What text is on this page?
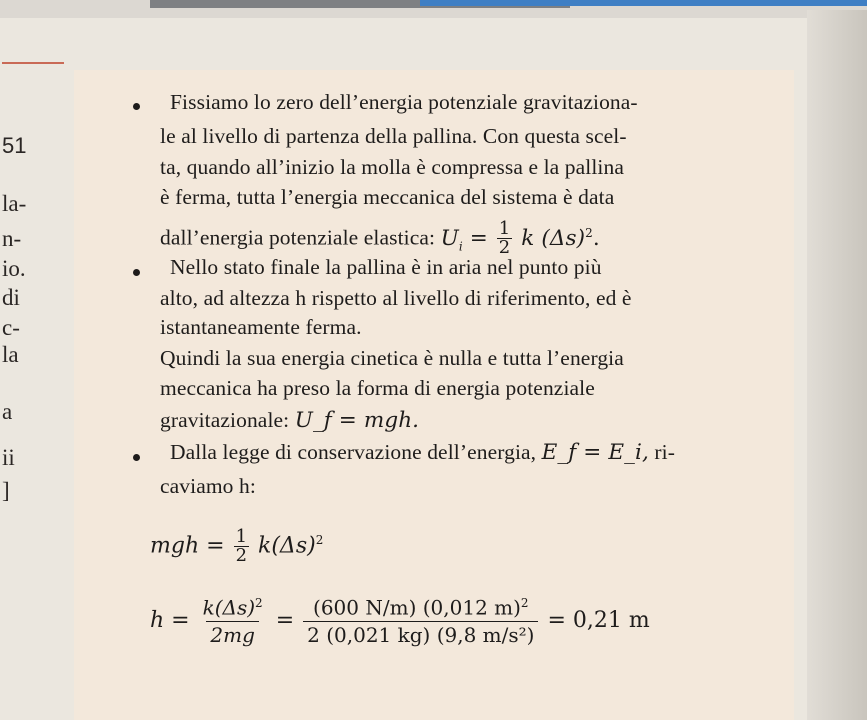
51
la-
n-
io.
di
c-
la
a
ii
]
Fissiamo lo zero dell’energia potenziale gravitaziona-
le al livello di partenza della pallina. Con questa scel-
ta, quando all’inizio la molla è compressa e la pallina
è ferma, tutta l’energia meccanica del sistema è data
dall’energia potenziale elastica: $U_i = \frac{1}{2}$ k $(\Delta s)^2$.
Nello stato finale la pallina è in aria nel punto più
alto, ad altezza h rispetto al livello di riferimento, ed è
istantaneamente ferma.
Quindi la sua energia cinetica è nulla e tutta l’energia
meccanica ha preso la forma di energia potenziale
gravitazionale: U_f = mgh.
Dalla legge di conservazione dell’energia, E_f = E_i, ri-
caviamo h:
mgh = $\frac{1}{2} k(\Delta s)^2$
$h = \frac{k(\Delta s)^2}{2mg} = \frac{(600 N/m) (0,012 m)^2}{\text{2 (0,021 kg) (9,8 m/s²)}} = 0,21$ m
